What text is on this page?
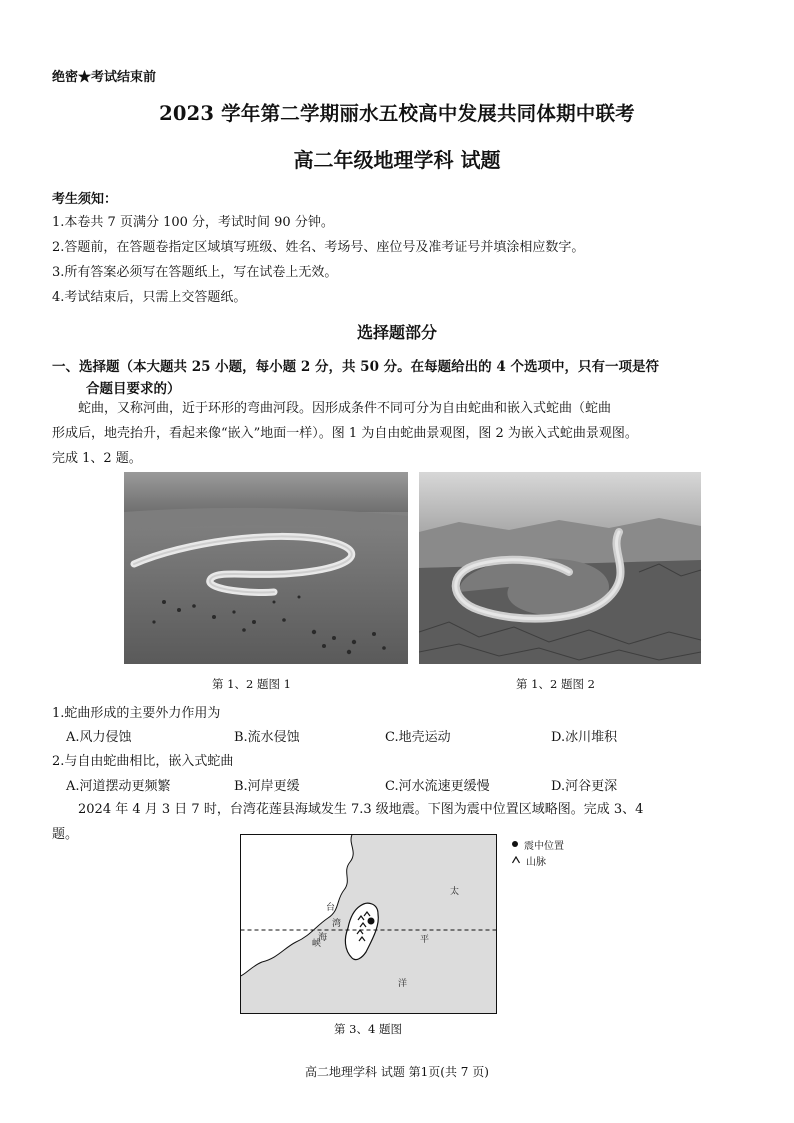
绝密★考试结束前
2023 学年第二学期丽水五校高中发展共同体期中联考
高二年级地理学科 试题
考生须知：
1.本卷共 7 页满分 100 分，考试时间 90 分钟。
2.答题前，在答题卷指定区域填写班级、姓名、考场号、座位号及准考证号并填涂相应数字。
3.所有答案必须写在答题纸上，写在试卷上无效。
4.考试结束后，只需上交答题纸。
选择题部分
一、选择题（本大题共 25 小题，每小题 2 分，共 50 分。在每题给出的 4 个选项中，只有一项是符
合题目要求的）
蛇曲，又称河曲，近于环形的弯曲河段。因形成条件不同可分为自由蛇曲和嵌入式蛇曲（蛇曲
形成后，地壳抬升，看起来像“嵌入”地面一样）。图 1 为自由蛇曲景观图，图 2 为嵌入式蛇曲景观图。
完成 1、2 题。
第 1、2 题图 1	第 1、2 题图 2
1.蛇曲形成的主要外力作用为
A.风力侵蚀	B.流水侵蚀	C.地壳运动	D.冰川堆积
2.与自由蛇曲相比，嵌入式蛇曲
A.河道摆动更频繁	B.河岸更缓	C.河水流速更缓慢	D.河谷更深
2024 年 4 月 3 日 7 时，台湾花莲县海域发生 7.3 级地震。下图为震中位置区域略图。完成 3、4
题。
台
湾
海
峡
太
平
洋
震中位置
山脉
第 3、4 题图
高二地理学科 试题 第1页(共 7 页)
